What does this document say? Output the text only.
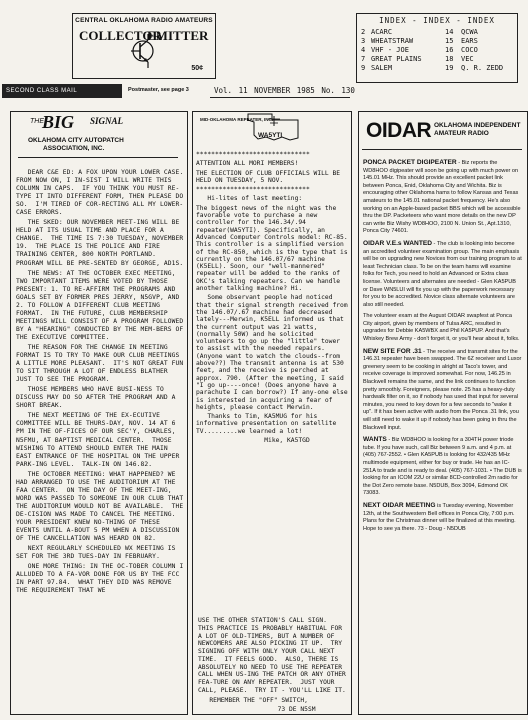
CENTRAL OKLAHOMA RADIO AMATEURS
COLLECTOR
EMITTER
50¢
INDEX - INDEX - INDEX
2 ACARC	14 QCWA
3 WHEATSTRAW	15 EARS
4 VHF - JOE	16 COCO
7 GREAT PLAINS	18 VEC
9 SALEM	19 Q. R. ZEDD
SECOND CLASS MAIL	Postmaster, see page 3	Vol. 11 NOVEMBER 1985 No. 130
THE
BIG SIGNAL
OKLAHOMA CITY AUTOPATCH
ASSOCIATION, INC.

DEAR C&E ED: A FOX UPON YOUR LOWER CASE.  FROM NOW ON, I IN-SIST I WILL WRITE THIS COLUMN IN CAPS.  IF YOU THINK YOU MUST RE-TYPE IT INTO DIFFERENT FORM, THEN PLEASE DO SO.  I'M TIRED OF COR-RECTING ALL MY LOWER-CASE ERRORS.

THE SKED: OUR NOVEMBER MEET-ING WILL BE HELD AT ITS USUAL TIME AND PLACE FOR A CHANGE.  THE TIME IS 7:30 TUESDAY, NOVEMBER 19.  THE PLACE IS THE POLICE AND FIRE TRAINING CENTER, 800 NORTH PORTLAND.  PROGRAM WILL BE PRE-SENTED BY GEORGE, AD1S.

THE NEWS: AT THE OCTOBER EXEC MEETING, TWO IMPORTANT ITEMS WERE VOTED BY THOSE PRESENT: 1. TO RE-AFFIRM THE PROGRAMS AND GOALS SET BY FORMER PRES JERRY, N5GVP, AND 2. TO FOLLOW A DIFFERENT CLUB MEETING FORMAT.  IN THE FUTURE, CLUB MEMBERSHIP MEETINGS WILL CONSIST OF A PROGRAM FOLLOWED BY A "HEARING" CONDUCTED BY THE MEM-BERS OF THE EXECUTIVE COMMITTEE.

THE REASON FOR THE CHANGE IN MEETING FORMAT IS TO TRY TO MAKE OUR CLUB MEETINGS A LITTLE MORE PLEASANT.  IT'S NOT GREAT FUN TO SIT THROUGH A LOT OF ENDLESS BLATHER JUST TO SEE THE PROGRAM.

THOSE MEMBERS WHO HAVE BUSI-NESS TO DISCUSS MAY DO SO AFTER THE PROGRAM AND A SHORT BREAK.

THE NEXT MEETING OF THE EX-ECUTIVE COMMITTEE WILL BE THURS-DAY, NOV. 14 AT 6 PM IN THE OF-FICES OF OUR SEC'Y, CHARLES, N5FMU, AT BAPTIST MEDICAL CENTER.  THOSE WISHING TO ATTEND SHOULD ENTER THE MAIN EAST ENTRANCE OF THE HOSPITAL ON THE UPPER PARK-ING LEVEL.  TALK-IN ON 146.82.

THE OCTOBER MEETING: WHAT HAPPENED? WE HAD ARRANGED TO USE THE AUDITORIUM AT THE FAA CENTER.  ON THE DAY OF THE MEET-ING, WORD WAS PASSED TO SOMEONE IN OUR CLUB THAT THE AUDITORIUM WOULD NOT BE AVAILABLE.  THE DE-CISION WAS MADE TO CANCEL THE MEETING.  YOUR PRESIDENT KNEW NO-THING OF THESE EVENTS UNTIL A-BOUT 5 PM WHEN A DISCUSSION OF THE CANCELLATION WAS HEARD ON 82.

NEXT REGULARLY SCHEDULED WX MEETING IS SET FOR THE 3RD TUES-DAY IN FEBRUARY.

ONE MORE THING: IN THE OC-TOBER COLUMN I ALLUDED TO A FA-VOR DONE FOR US BY THE FCC IN PART 97.84.  WHAT THEY DID WAS REMOVE THE REQUIREMENT THAT WE

MID-OKLAHOMA REPEATER, INC.
WA5YTI

******************************

ATTENTION ALL MORI MEMBERS!

THE ELECTION OF CLUB OFFICIALS WILL BE HELD ON TUESDAY, 5 NOV.

******************************

Hi-lites of last meeting:

The biggest news of the night was the favorable vote to purchase a new controller for the 146.34/.94 repeater(WA5YTI). Specifically, an Advanced Computer Controls model: RC-85. This controller is a simplified version of the RC-850, which is the type that is currently on the 146.07/67 machine (K5ELL). Soon, our "well-mannered" repeater will be added to the ranks of OKC's talking repeaters. Can we handle another talking machine? Hi.

Some observant people had noticed that their signal strength received from the 146.07/.67 machine had decreased lately---Merwin, K5ELL informed us that the current output was 21 watts, (normally 50W) and he solicited volunteers to go up the "little" tower to assist with the needed repairs. (Anyone want to watch the clouds--from above??) The transmit antenna is at 530 feet, and the receive is perched at approx. 790. (After the meeting, I said "I go up----once! (Does anyone have a parachute I can borrow?) If any-one else is interested in acquiring a fear of heights, please contact Merwin.

Thanks to Tim, KA5MUG for his informative presentation on satellite TV.........we learned a lot!

Mike, KA5TGD

USE THE OTHER STATION'S CALL SIGN.  THIS PRACTICE IS PROBABLY HABITUAL FOR A LOT OF OLD-TIMERS, BUT A NUMBER OF NEWCOMERS ARE ALSO PICKING IT UP.  TRY SIGNING OFF WITH ONLY YOUR CALL NEXT TIME.  IT FEELS GOOD.  ALSO, THERE IS ABSOLUTELY NO NEED TO USE THE REPEATER CALL WHEN US-ING THE PATCH OR ANY OTHER FEA-TURE ON ANY REPEATER.  JUST YOUR CALL, PLEASE.  TRY IT - YOU'LL LIKE IT.

REMEMBER THE "OFF" SWITCH,

73 DE N5SM

OIDAR OKLAHOMA INDEPENDENT
AMATEUR RADIO

PONCA PACKET DIGIPEATER - Biz reports the WD8HOO digipeater will soon be going up with much power on 145.01 MHz. This should provide an excellent packet link between Ponca, Enid, Oklahoma City and Wichita. Biz is encouraging other Oklahoma hams to follow Kansas and Texas amateurs to the 145.01 national packet frequency. He's also working on an Apple-based packet BBS which will be accessible thru the DP. Packeteers who want more details on the new DP can write Biz Wishy WD8HOO, 2100 N. Union St., Apt.1310, Ponca City 74601.

OIDAR V.E.s WANTED - The club is looking into become an accredited volunteer examination group. The main emphasis will be on upgrading new Novices from our training program to at least Technician class. To be on the team hams will examine folks for Tech, you need to hold an Advanced or Extra class license. Volunteers and alternates are needed - Glen KA5PUB or Dave WN5LUI will fix you up with the paperwork necessary for you to be accredited. Novice class alternate volunteers are also still needed.

The volunteer exam at the August OIDAR swapfest at Ponca City airport, given by members of Tulsa ARC, resulted in upgrades for Debbie KA5WBX and Phil KA5PUP. And that's Whiskey Brew Army - don't forget it, or you'll hear about it, folks.

NEW SITE FOR .31 - The receive and transmit sites for the 146.31 repeater have been swapped. The 6Z receiver and Luxor greenery seem to be cooking in alright at Taco's tower, and receive coverage is improved somewhat. For now, 146.25 in Blackwell remains the same, and the link continues to function pretty smoothly. Foreigners, please note. 25 has a heavy-duty hardwalk filter on it, so if nobody has used that input for several minutes, you need to key down for a few seconds to "wake it up". If it has been active with audio from the Ponca .31 link, you will still need to wake it up if nobody has been going in thru the Blackwell input.

WANTS - Biz WD8HOO is looking for a 304TH power triode tube. If you have such, call Biz between 9 a.m. and 4 p.m. at (405) 767-2552. • Glen KA5PUB is looking for 432/435 MHz multimode equipment, either for buy or trade. He has an IC-251A to trade and is ready to deal. (405) 767-1031. • The DUB is looking for an ICOM 22U or similar 8CD-controlled 2m radio for the Dot Zero remote base. N5DUB, Box 3094, Edmond OK 73083.

NEXT OIDAR MEETING is Tuesday evening, November 12th, at the Southwestern Bell offices in Ponca City, 7:00 p.m. Plans for the Christmas dinner will be finalized at this meeting. Hope to see ya there. 73 - Doug - N5DUB
